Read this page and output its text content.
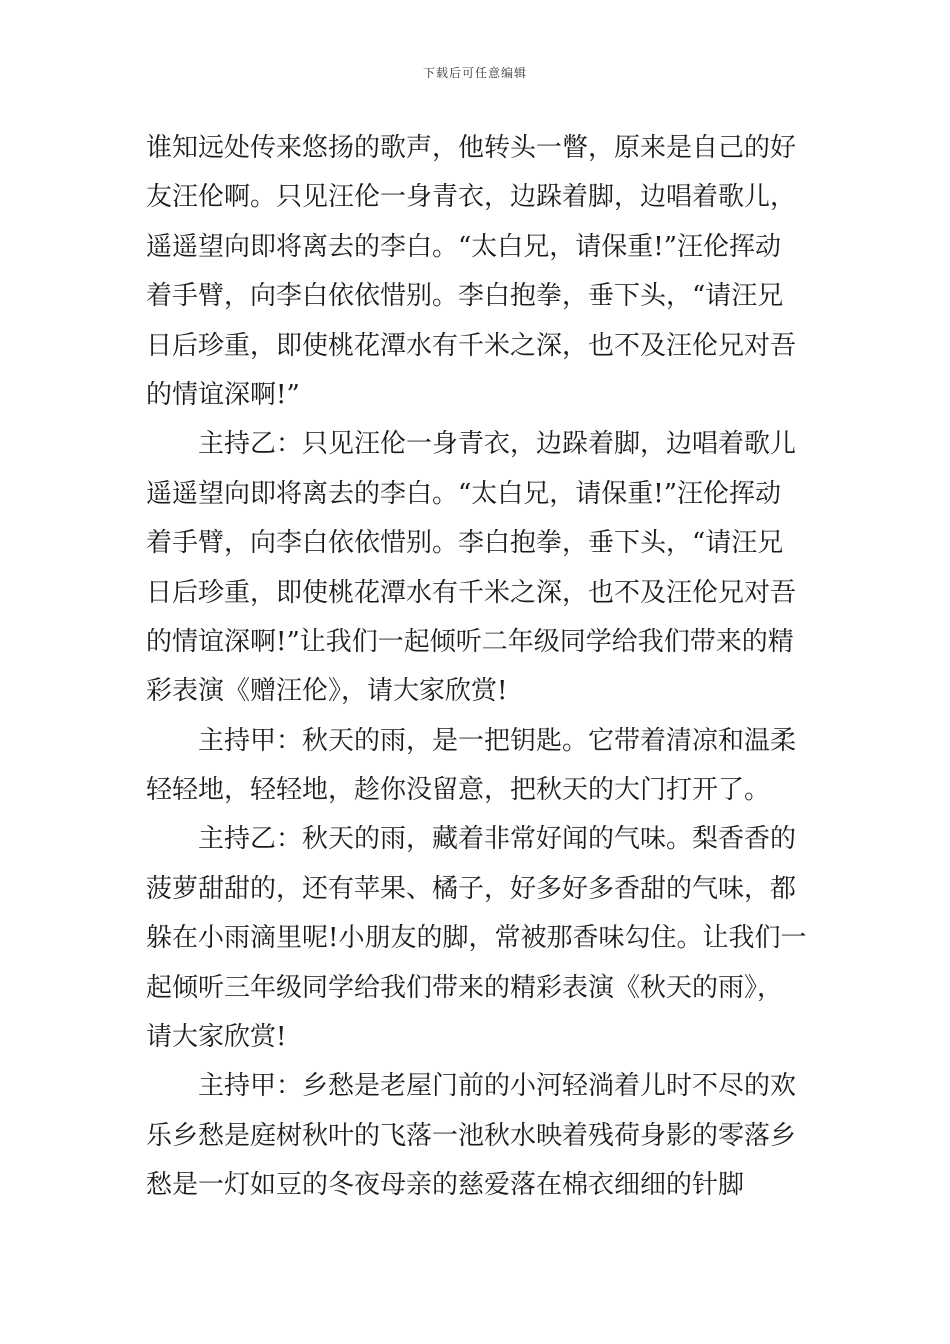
下载后可任意编辑
谁知远处传来悠扬的歌声，他转头一瞥，原来是自己的好
友汪伦啊。只见汪伦一身青衣，边跺着脚，边唱着歌儿，
遥遥望向即将离去的李白。“太白兄，请保重!”汪伦挥动
着手臂，向李白依依惜别。李白抱拳，垂下头，“请汪兄
日后珍重，即使桃花潭水有千米之深，也不及汪伦兄对吾
的情谊深啊!”
主持乙：只见汪伦一身青衣，边跺着脚，边唱着歌儿
遥遥望向即将离去的李白。“太白兄，请保重!”汪伦挥动
着手臂，向李白依依惜别。李白抱拳，垂下头，“请汪兄
日后珍重，即使桃花潭水有千米之深，也不及汪伦兄对吾
的情谊深啊!”让我们一起倾听二年级同学给我们带来的精
彩表演《赠汪伦》，请大家欣赏!
主持甲：秋天的雨，是一把钥匙。它带着清凉和温柔
轻轻地，轻轻地，趁你没留意，把秋天的大门打开了。
主持乙：秋天的雨，藏着非常好闻的气味。梨香香的
菠萝甜甜的，还有苹果、橘子，好多好多香甜的气味，都
躲在小雨滴里呢!小朋友的脚，常被那香味勾住。让我们一
起倾听三年级同学给我们带来的精彩表演《秋天的雨》，
请大家欣赏!
主持甲：乡愁是老屋门前的小河轻淌着儿时不尽的欢
乐乡愁是庭树秋叶的飞落一池秋水映着残荷身影的零落乡
愁是一灯如豆的冬夜母亲的慈爱落在棉衣细细的针脚
